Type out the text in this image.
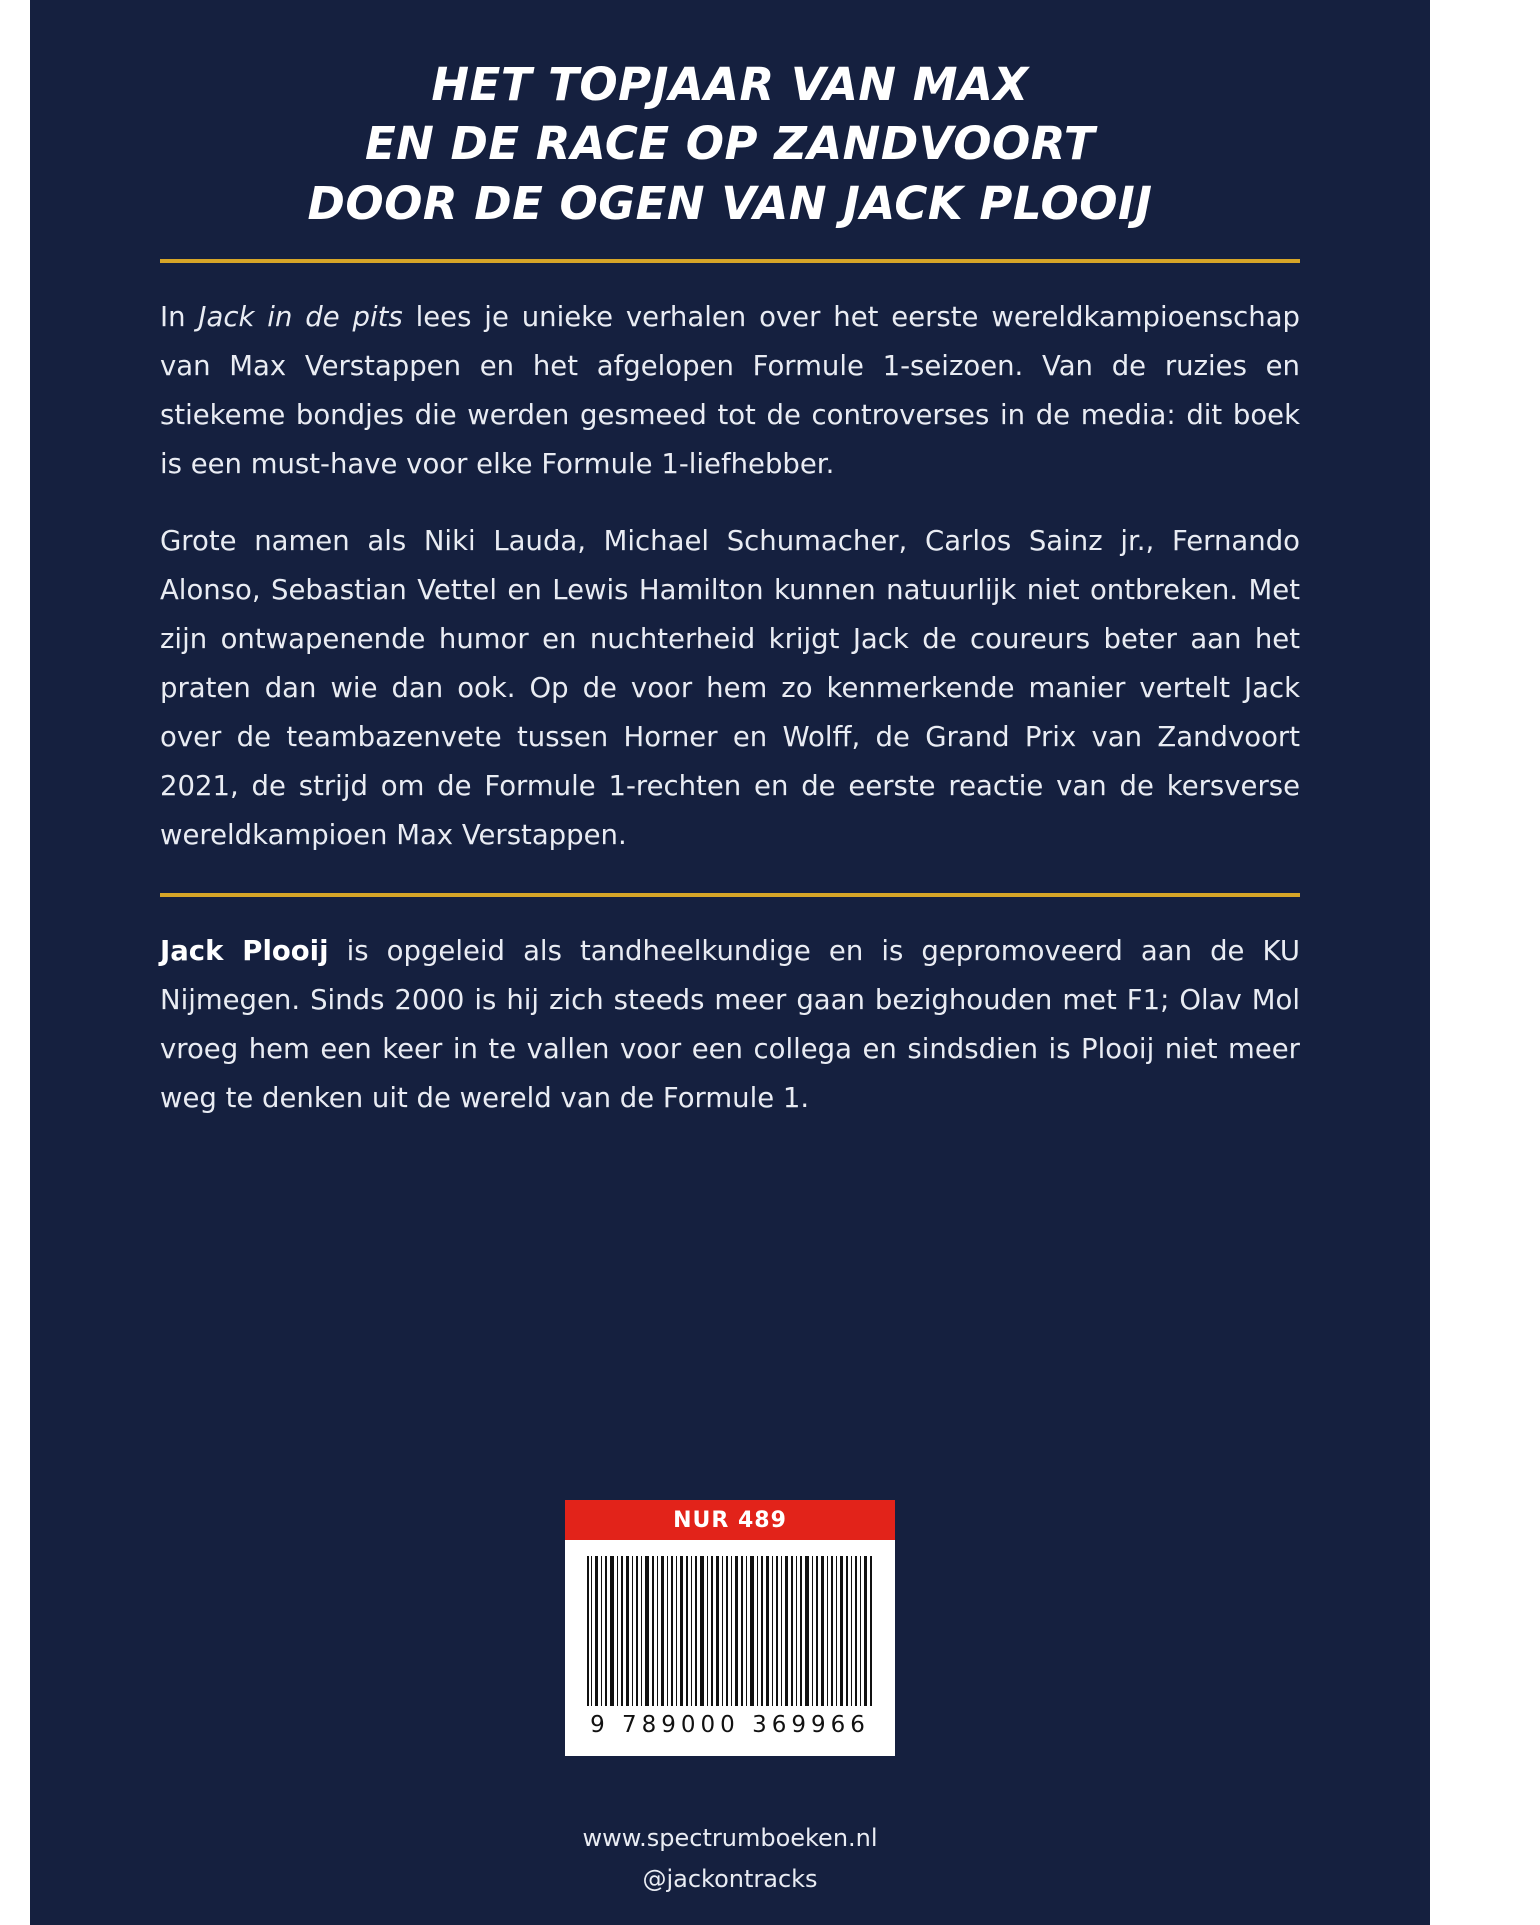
HET TOPJAAR VAN MAX
EN DE RACE OP ZANDVOORT
DOOR DE OGEN VAN JACK PLOOIJ

In Jack in de pits lees je unieke verhalen over het eerste wereldkampioenschap van Max Verstappen en het afgelopen Formule 1-seizoen. Van de ruzies en stiekeme bondjes die werden gesmeed tot de controverses in de media: dit boek is een must-have voor elke Formule 1-liefhebber.

Grote namen als Niki Lauda, Michael Schumacher, Carlos Sainz jr., Fernando Alonso, Sebastian Vettel en Lewis Hamilton kunnen natuurlijk niet ontbreken. Met zijn ontwapenende humor en nuchterheid krijgt Jack de coureurs beter aan het praten dan wie dan ook. Op de voor hem zo kenmerkende manier vertelt Jack over de teambazenvete tussen Horner en Wolff, de Grand Prix van Zandvoort 2021, de strijd om de Formule 1-rechten en de eerste reactie van de kersverse wereldkampioen Max Verstappen.

Jack Plooij is opgeleid als tandheelkundige en is gepromoveerd aan de KU Nijmegen. Sinds 2000 is hij zich steeds meer gaan bezighouden met F1; Olav Mol vroeg hem een keer in te vallen voor een collega en sindsdien is Plooij niet meer weg te denken uit de wereld van de Formule 1.

NUR 489
9 789000 369966
www.spectrumboeken.nl
@jackontracks
